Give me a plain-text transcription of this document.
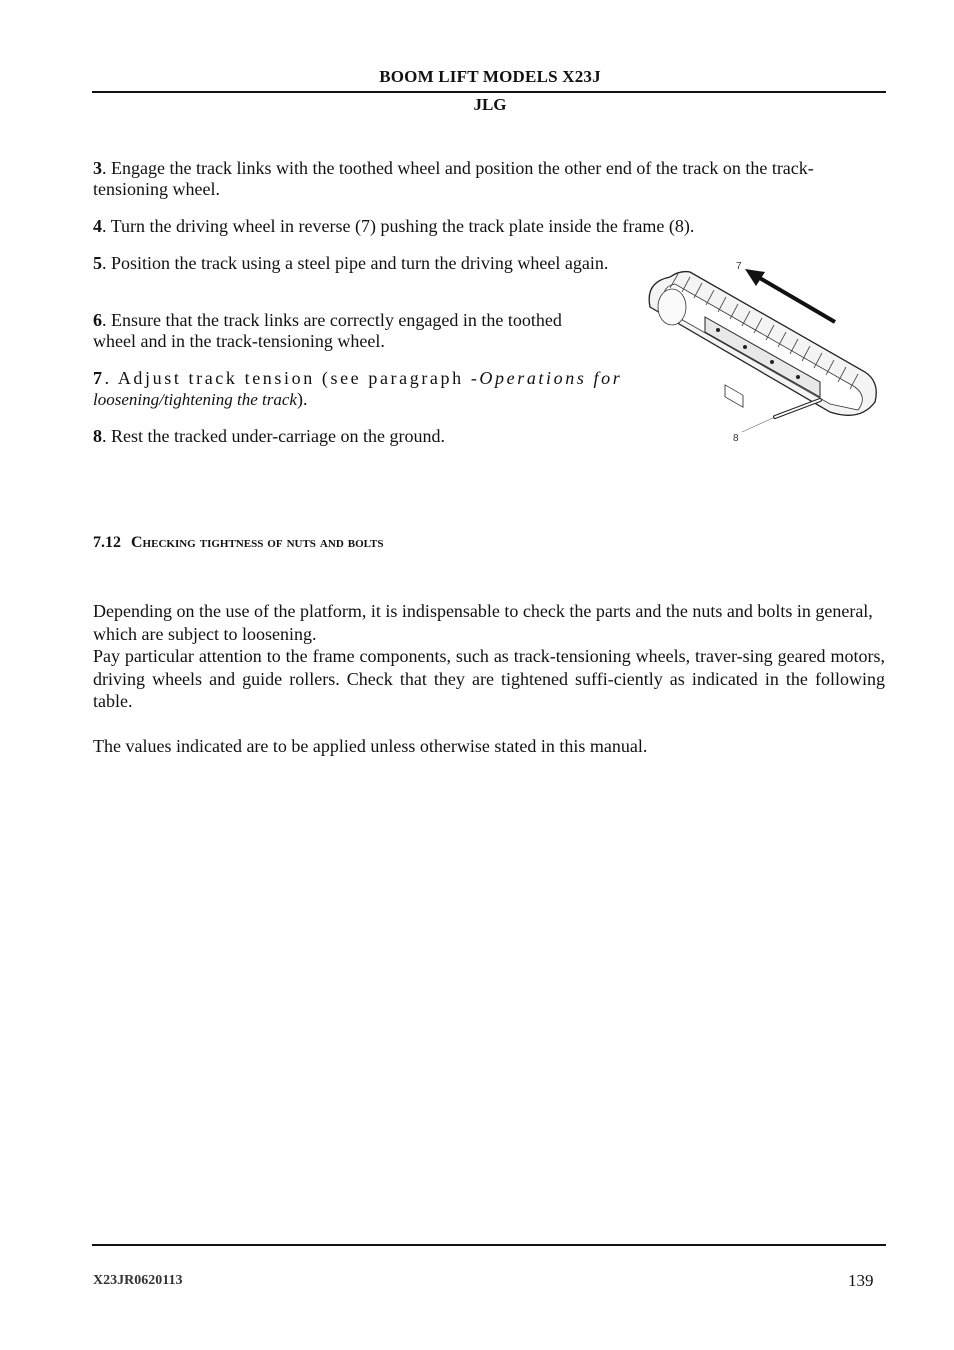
BOOM LIFT MODELS X23J
JLG

3. Engage the track links with the toothed wheel and position the other end of the track on the track-tensioning wheel.

4. Turn the driving wheel in reverse (7) pushing the track plate inside the frame (8).

5. Position the track using a steel pipe and turn the driving wheel again.

6. Ensure that the track links are correctly engaged in the toothed wheel and in the track-tensioning wheel.

7. Adjust track tension (see paragraph -Operations for
loosening/tightening the track).

8. Rest the tracked under-carriage on the ground.

7
8
7.12 Checking tightness of nuts and bolts

Depending on the use of the platform, it is indispensable to check the parts and the nuts and bolts in general, which are subject to loosening.

Pay particular attention to the frame components, such as track-tensioning wheels, traver-sing geared motors, driving wheels and guide rollers. Check that they are tightened suffi-ciently as indicated in the following table.

The values indicated are to be applied unless otherwise stated in this manual.

X23JR0620113	139
